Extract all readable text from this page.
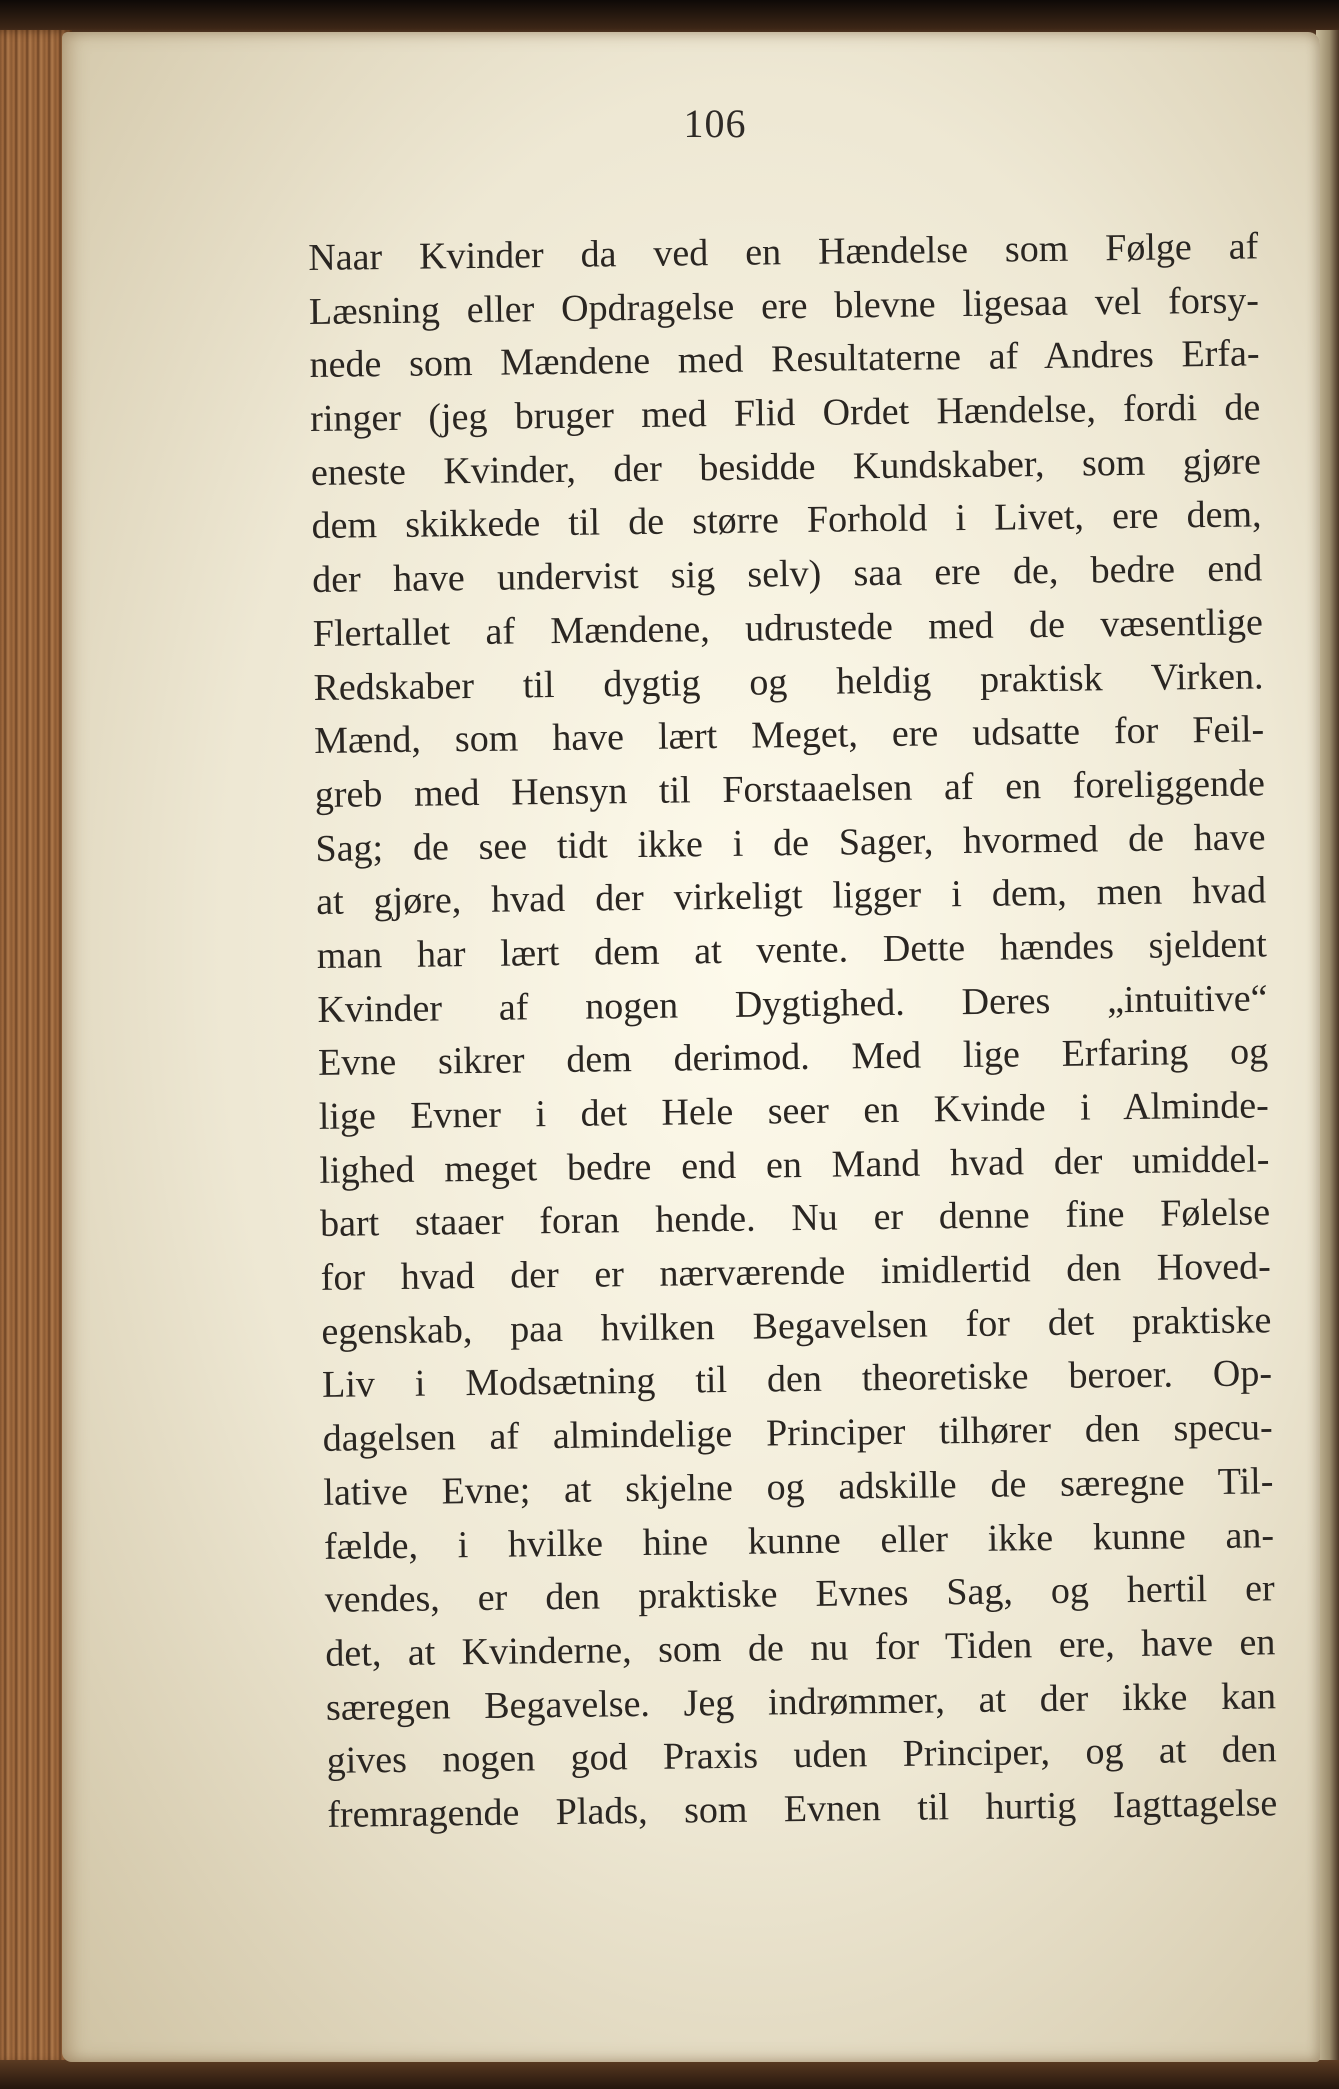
106
Naar Kvinder da ved en Hændelse som Følge af
Læsning eller Opdragelse ere blevne ligesaa vel forsy-
nede som Mændene med Resultaterne af Andres Erfa-
ringer (jeg bruger med Flid Ordet Hændelse, fordi de
eneste Kvinder, der besidde Kundskaber, som gjøre
dem skikkede til de større Forhold i Livet, ere dem,
der have undervist sig selv) saa ere de, bedre end
Flertallet af Mændene, udrustede med de væsentlige
Redskaber til dygtig og heldig praktisk Virken.
Mænd, som have lært Meget, ere udsatte for Feil-
greb med Hensyn til Forstaaelsen af en foreliggende
Sag; de see tidt ikke i de Sager, hvormed de have
at gjøre, hvad der virkeligt ligger i dem, men hvad
man har lært dem at vente. Dette hændes sjeldent
Kvinder af nogen Dygtighed. Deres „intuitive“
Evne sikrer dem derimod. Med lige Erfaring og
lige Evner i det Hele seer en Kvinde i Alminde-
lighed meget bedre end en Mand hvad der umiddel-
bart staaer foran hende. Nu er denne fine Følelse
for hvad der er nærværende imidlertid den Hoved-
egenskab, paa hvilken Begavelsen for det praktiske
Liv i Modsætning til den theoretiske beroer. Op-
dagelsen af almindelige Principer tilhører den specu-
lative Evne; at skjelne og adskille de særegne Til-
fælde, i hvilke hine kunne eller ikke kunne an-
vendes, er den praktiske Evnes Sag, og hertil er
det, at Kvinderne, som de nu for Tiden ere, have en
særegen Begavelse. Jeg indrømmer, at der ikke kan
gives nogen god Praxis uden Principer, og at den
fremragende Plads, som Evnen til hurtig Iagttagelse
